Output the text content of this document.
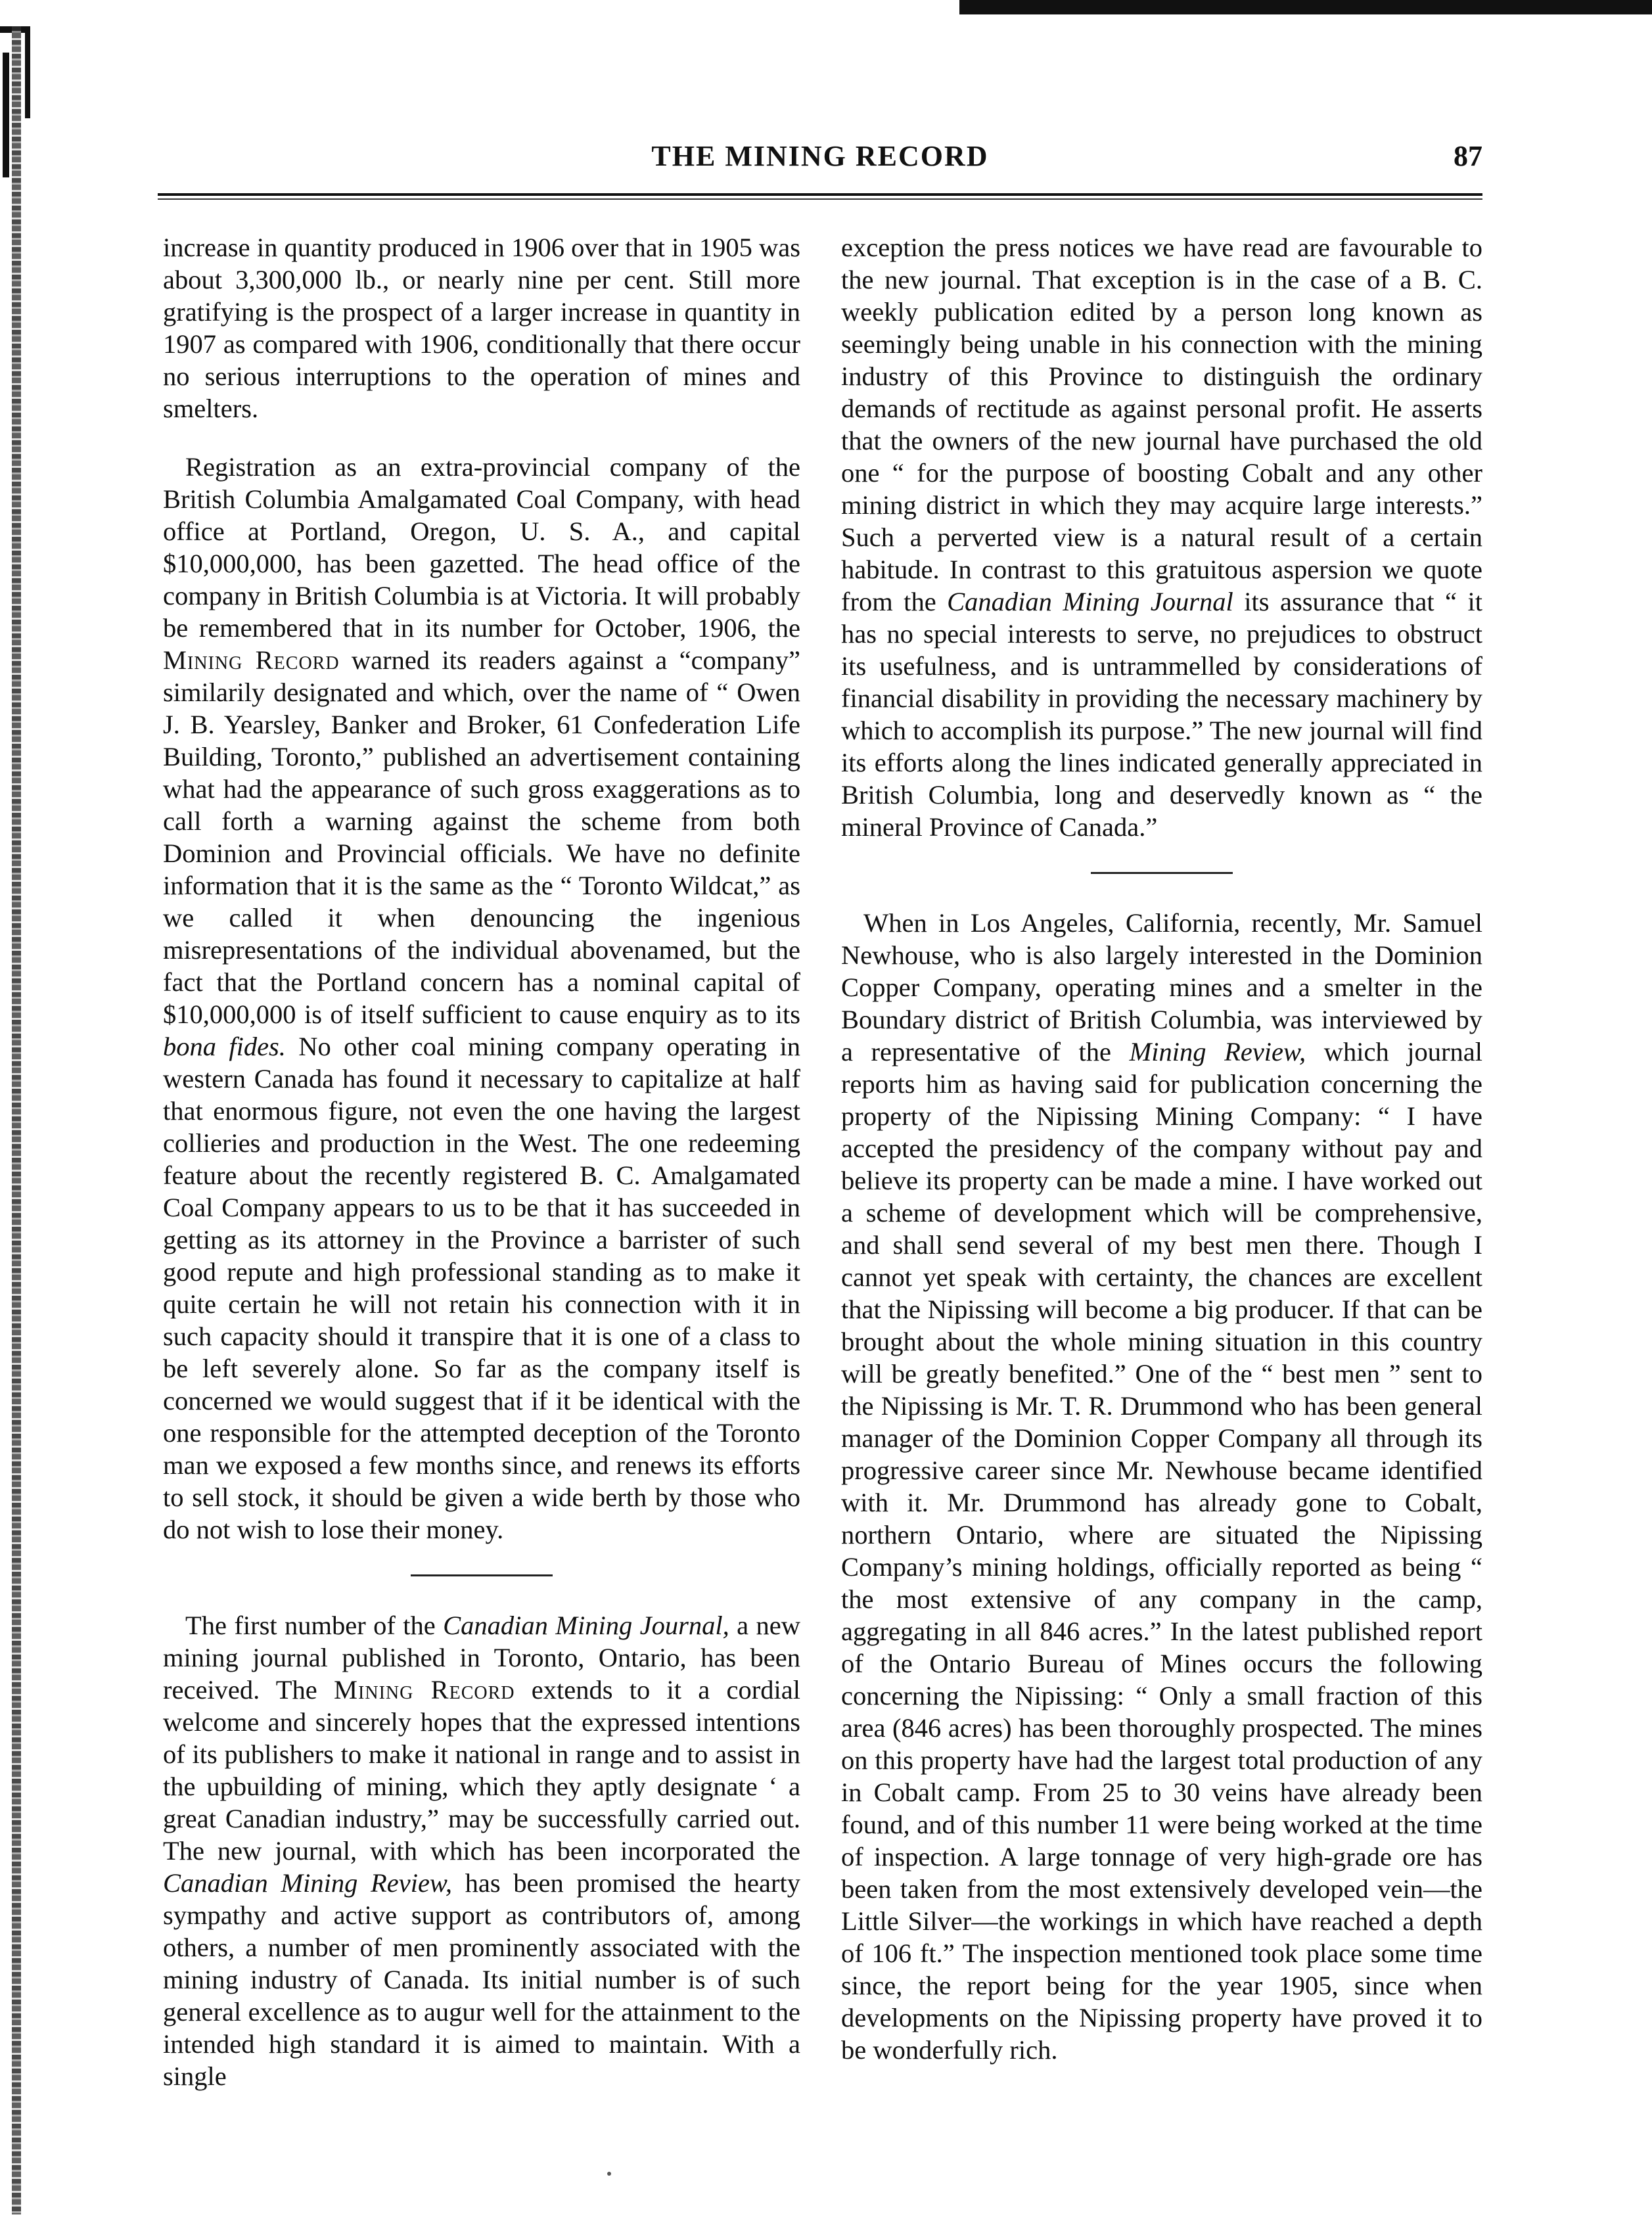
THE MINING RECORD	87

increase in quantity produced in 1906 over that in 1905 was about 3,300,000 lb., or nearly nine per cent. Still more gratifying is the prospect of a larger increase in quantity in 1907 as compared with 1906, conditionally that there occur no serious interruptions to the operation of mines and smelters.

Registration as an extra-provincial company of the British Columbia Amalgamated Coal Company, with head office at Portland, Oregon, U. S. A., and capital $10,000,000, has been gazetted. The head office of the company in British Columbia is at Victoria. It will probably be remembered that in its number for October, 1906, the Mining Record warned its readers against a “company” similarily designated and which, over the name of “ Owen J. B. Yearsley, Banker and Broker, 61 Confederation Life Building, Toronto,” published an advertisement containing what had the appearance of such gross exaggerations as to call forth a warning against the scheme from both Dominion and Provincial officials. We have no definite information that it is the same as the “ Toronto Wildcat,” as we called it when denouncing the ingenious misrepresentations of the individual abovenamed, but the fact that the Portland concern has a nominal capital of $10,000,000 is of itself sufficient to cause enquiry as to its bona fides. No other coal mining company operating in western Canada has found it necessary to capitalize at half that enormous figure, not even the one having the largest collieries and production in the West. The one redeeming feature about the recently registered B. C. Amalgamated Coal Company appears to us to be that it has succeeded in getting as its attorney in the Province a barrister of such good repute and high professional standing as to make it quite certain he will not retain his connection with it in such capacity should it transpire that it is one of a class to be left severely alone. So far as the company itself is concerned we would suggest that if it be identical with the one responsible for the attempted deception of the Toronto man we exposed a few months since, and renews its efforts to sell stock, it should be given a wide berth by those who do not wish to lose their money.

The first number of the Canadian Mining Journal, a new mining journal published in Toronto, Ontario, has been received. The Mining Record extends to it a cordial welcome and sincerely hopes that the expressed intentions of its publishers to make it national in range and to assist in the upbuilding of mining, which they aptly designate ‘ a great Canadian industry,” may be successfully carried out. The new journal, with which has been incorporated the Canadian Mining Review, has been promised the hearty sympathy and active support as contributors of, among others, a number of men prominently associated with the mining industry of Canada. Its initial number is of such general excellence as to augur well for the attainment to the intended high standard it is aimed to maintain. With a single

exception the press notices we have read are favourable to the new journal. That exception is in the case of a B. C. weekly publication edited by a person long known as seemingly being unable in his connection with the mining industry of this Province to distinguish the ordinary demands of rectitude as against personal profit. He asserts that the owners of the new journal have purchased the old one “ for the purpose of boosting Cobalt and any other mining district in which they may acquire large interests.” Such a perverted view is a natural result of a certain habitude. In contrast to this gratuitous aspersion we quote from the Canadian Mining Journal its assurance that “ it has no special interests to serve, no prejudices to obstruct its usefulness, and is untrammelled by considerations of financial disability in providing the necessary machinery by which to accomplish its purpose.” The new journal will find its efforts along the lines indicated generally appreciated in British Columbia, long and deservedly known as “ the mineral Province of Canada.”

When in Los Angeles, California, recently, Mr. Samuel Newhouse, who is also largely interested in the Dominion Copper Company, operating mines and a smelter in the Boundary district of British Columbia, was interviewed by a representative of the Mining Review, which journal reports him as having said for publication concerning the property of the Nipissing Mining Company: “ I have accepted the presidency of the company without pay and believe its property can be made a mine. I have worked out a scheme of development which will be comprehensive, and shall send several of my best men there. Though I cannot yet speak with certainty, the chances are excellent that the Nipissing will become a big producer. If that can be brought about the whole mining situation in this country will be greatly benefited.” One of the “ best men ” sent to the Nipissing is Mr. T. R. Drummond who has been general manager of the Dominion Copper Company all through its progressive career since Mr. Newhouse became identified with it. Mr. Drummond has already gone to Cobalt, northern Ontario, where are situated the Nipissing Company’s mining holdings, officially reported as being “ the most extensive of any company in the camp, aggregating in all 846 acres.” In the latest published report of the Ontario Bureau of Mines occurs the following concerning the Nipissing: “ Only a small fraction of this area (846 acres) has been thoroughly prospected. The mines on this property have had the largest total production of any in Cobalt camp. From 25 to 30 veins have already been found, and of this number 11 were being worked at the time of inspection. A large tonnage of very high-grade ore has been taken from the most extensively developed vein—the Little Silver—the workings in which have reached a depth of 106 ft.” The inspection mentioned took place some time since, the report being for the year 1905, since when developments on the Nipissing property have proved it to be wonderfully rich.
